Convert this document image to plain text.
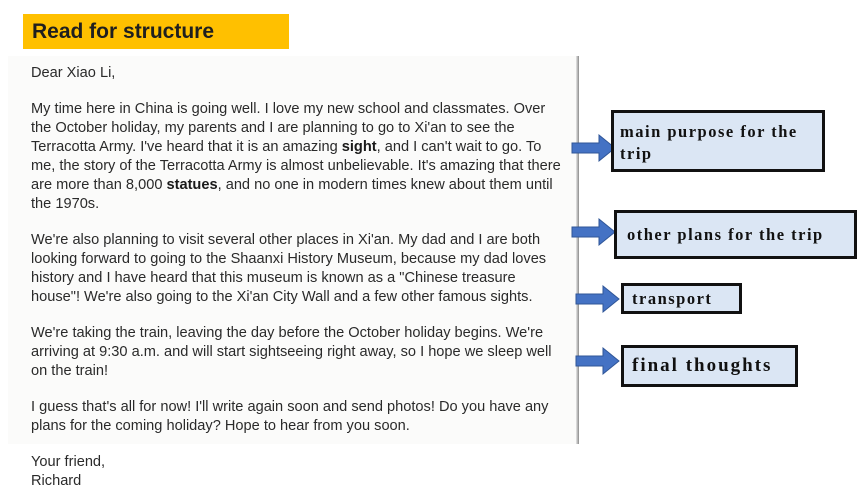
Read for structure

Dear Xiao Li,

My time here in China is going well. I love my new school and classmates. Over the October holiday, my parents and I are planning to go to Xi'an to see the Terracotta Army. I've heard that it is an amazing sight, and I can't wait to go. To me, the story of the Terracotta Army is almost unbelievable. It's amazing that there are more than 8,000 statues, and no one in modern times knew about them until the 1970s.

We're also planning to visit several other places in Xi'an. My dad and I are both looking forward to going to the Shaanxi History Museum, because my dad loves history and I have heard that this museum is known as a "Chinese treasure house"! We're also going to the Xi'an City Wall and a few other famous sights.

We're taking the train, leaving the day before the October holiday begins. We're arriving at 9:30 a.m. and will start sightseeing right away, so I hope we sleep well on the train!

I guess that's all for now! I'll write again soon and send photos! Do you have any plans for the coming holiday? Hope to hear from you soon.

Your friend,

Richard

main purpose for the trip
other plans for the trip
transport
final thoughts
